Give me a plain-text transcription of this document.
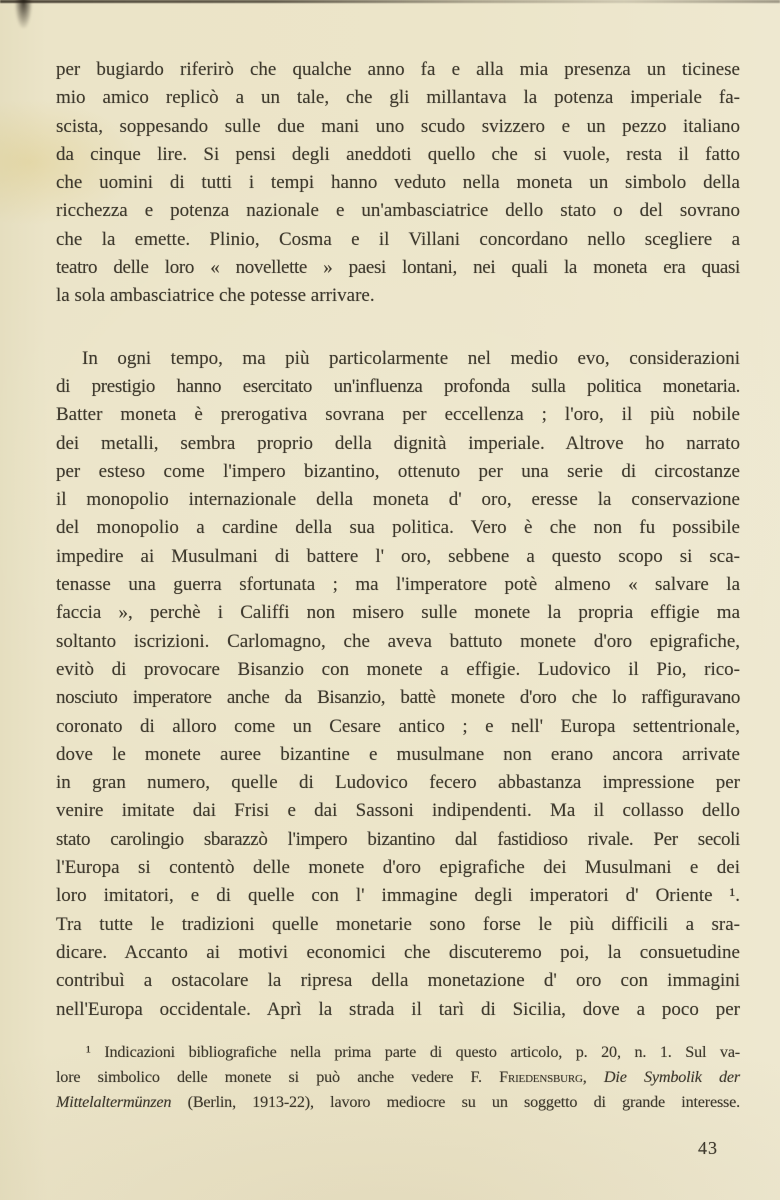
per bugiardo riferirò che qualche anno fa e alla mia presenza un ticinese
mio amico replicò a un tale, che gli millantava la potenza imperiale fa-
scista, soppesando sulle due mani uno scudo svizzero e un pezzo italiano
da cinque lire. Si pensi degli aneddoti quello che si vuole, resta il fatto
che uomini di tutti i tempi hanno veduto nella moneta un simbolo della
ricchezza e potenza nazionale e un'ambasciatrice dello stato o del sovrano
che la emette. Plinio, Cosma e il Villani concordano nello scegliere a
teatro delle loro « novellette » paesi lontani, nei quali la moneta era quasi
la sola ambasciatrice che potesse arrivare.
In ogni tempo, ma più particolarmente nel medio evo, considerazioni
di prestigio hanno esercitato un'influenza profonda sulla politica monetaria.
Batter moneta è prerogativa sovrana per eccellenza ; l'oro, il più nobile
dei metalli, sembra proprio della dignità imperiale. Altrove ho narrato
per esteso come l'impero bizantino, ottenuto per una serie di circostanze
il monopolio internazionale della moneta d' oro, eresse la conservazione
del monopolio a cardine della sua politica. Vero è che non fu possibile
impedire ai Musulmani di battere l' oro, sebbene a questo scopo si sca-
tenasse una guerra sfortunata ; ma l'imperatore potè almeno « salvare la
faccia », perchè i Califfi non misero sulle monete la propria effigie ma
soltanto iscrizioni. Carlomagno, che aveva battuto monete d'oro epigrafiche,
evitò di provocare Bisanzio con monete a effigie. Ludovico il Pio, rico-
nosciuto imperatore anche da Bisanzio, battè monete d'oro che lo raffiguravano
coronato di alloro come un Cesare antico ; e nell' Europa settentrionale,
dove le monete auree bizantine e musulmane non erano ancora arrivate
in gran numero, quelle di Ludovico fecero abbastanza impressione per
venire imitate dai Frisi e dai Sassoni indipendenti. Ma il collasso dello
stato carolingio sbarazzò l'impero bizantino dal fastidioso rivale. Per secoli
l'Europa si contentò delle monete d'oro epigrafiche dei Musulmani e dei
loro imitatori, e di quelle con l' immagine degli imperatori d' Oriente ¹.
Tra tutte le tradizioni quelle monetarie sono forse le più difficili a sra-
dicare. Accanto ai motivi economici che discuteremo poi, la consuetudine
contribuì a ostacolare la ripresa della monetazione d' oro con immagini
nell'Europa occidentale. Aprì la strada il tarì di Sicilia, dove a poco per
¹ Indicazioni bibliografiche nella prima parte di questo articolo, p. 20, n. 1. Sul va-
lore simbolico delle monete si può anche vedere F. Friedensburg, Die Symbolik der
Mittelaltermünzen (Berlin, 1913-22), lavoro mediocre su un soggetto di grande interesse.
43
